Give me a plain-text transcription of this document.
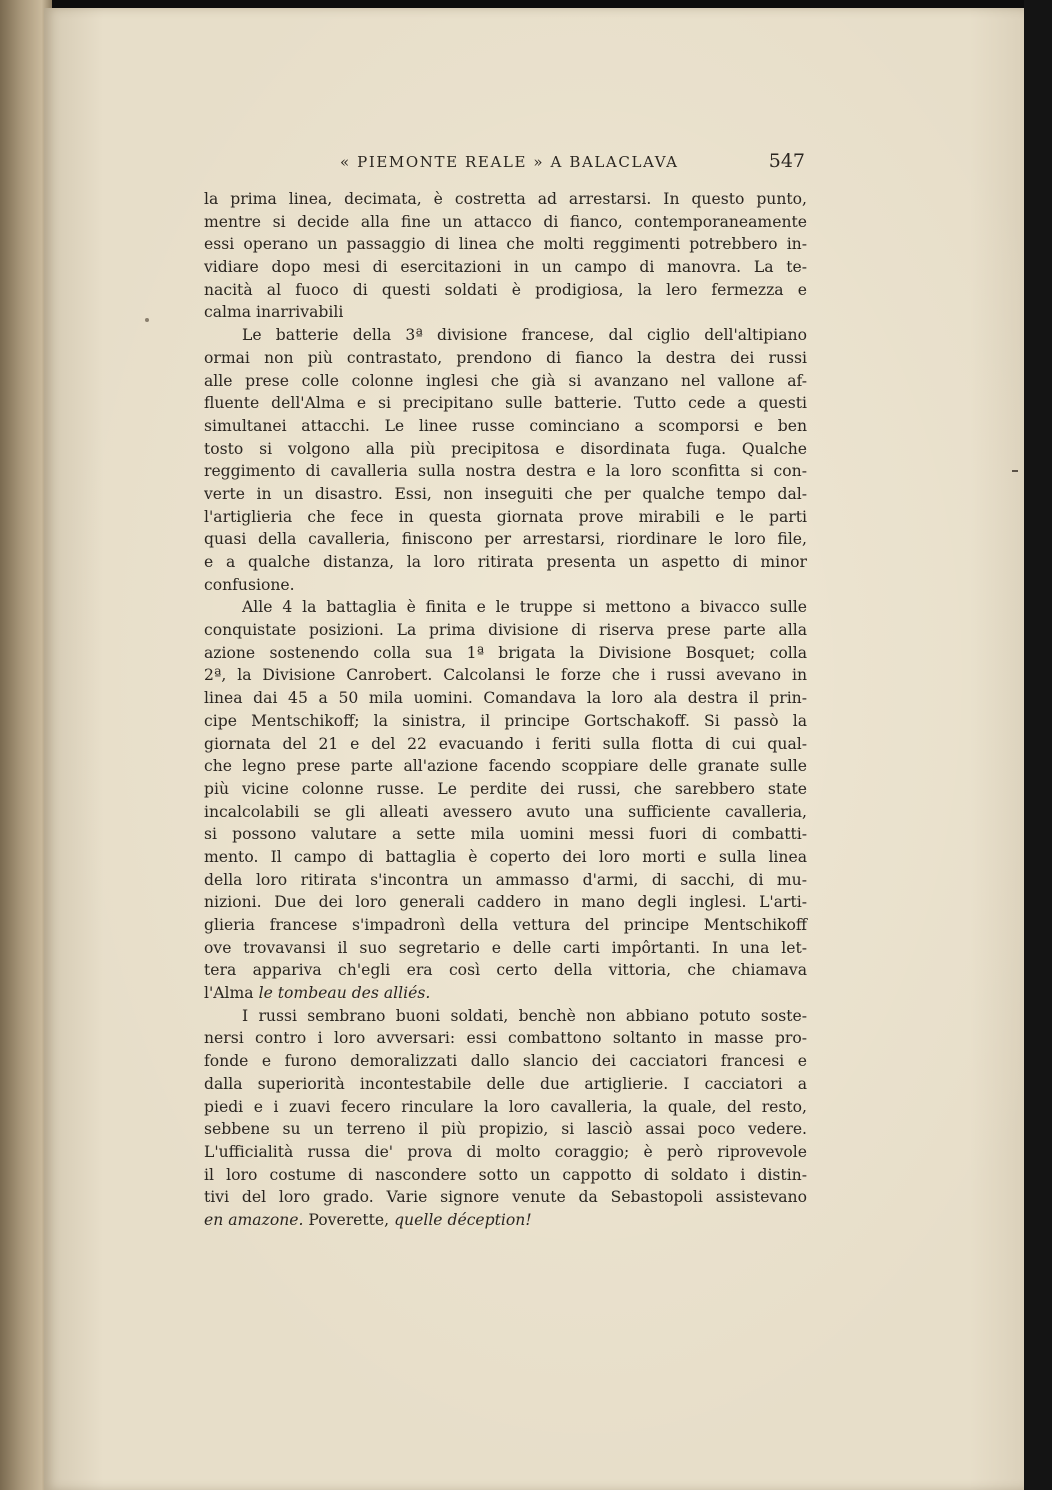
« PIEMONTE REALE » A BALACLAVA	547
la prima linea, decimata, è costretta ad arrestarsi. In questo punto,
mentre si decide alla fine un attacco di fianco, contemporaneamente
essi operano un passaggio di linea che molti reggimenti potrebbero in-
vidiare dopo mesi di esercitazioni in un campo di manovra. La te-
nacità al fuoco di questi soldati è prodigiosa, la lero fermezza e
calma inarrivabili
Le batterie della 3ª divisione francese, dal ciglio dell'altipiano
ormai non più contrastato, prendono di fianco la destra dei russi
alle prese colle colonne inglesi che già si avanzano nel vallone af-
fluente dell'Alma e si precipitano sulle batterie. Tutto cede a questi
simultanei attacchi. Le linee russe cominciano a scomporsi e ben
tosto si volgono alla più precipitosa e disordinata fuga. Qualche
reggimento di cavalleria sulla nostra destra e la loro sconfitta si con-
verte in un disastro. Essi, non inseguiti che per qualche tempo dal-
l'artiglieria che fece in questa giornata prove mirabili e le parti
quasi della cavalleria, finiscono per arrestarsi, riordinare le loro file,
e a qualche distanza, la loro ritirata presenta un aspetto di minor
confusione.
Alle 4 la battaglia è finita e le truppe si mettono a bivacco sulle
conquistate posizioni. La prima divisione di riserva prese parte alla
azione sostenendo colla sua 1ª brigata la Divisione Bosquet; colla
2ª, la Divisione Canrobert. Calcolansi le forze che i russi avevano in
linea dai 45 a 50 mila uomini. Comandava la loro ala destra il prin-
cipe Mentschikoff; la sinistra, il principe Gortschakoff. Si passò la
giornata del 21 e del 22 evacuando i feriti sulla flotta di cui qual-
che legno prese parte all'azione facendo scoppiare delle granate sulle
più vicine colonne russe. Le perdite dei russi, che sarebbero state
incalcolabili se gli alleati avessero avuto una sufficiente cavalleria,
si possono valutare a sette mila uomini messi fuori di combatti-
mento. Il campo di battaglia è coperto dei loro morti e sulla linea
della loro ritirata s'incontra un ammasso d'armi, di sacchi, di mu-
nizioni. Due dei loro generali caddero in mano degli inglesi. L'arti-
glieria francese s'impadronì della vettura del principe Mentschikoff
ove trovavansi il suo segretario e delle carti impôrtanti. In una let-
tera appariva ch'egli era così certo della vittoria, che chiamava
l'Alma le tombeau des alliés.
I russi sembrano buoni soldati, benchè non abbiano potuto soste-
nersi contro i loro avversari: essi combattono soltanto in masse pro-
fonde e furono demoralizzati dallo slancio dei cacciatori francesi e
dalla superiorità incontestabile delle due artiglierie. I cacciatori a
piedi e i zuavi fecero rinculare la loro cavalleria, la quale, del resto,
sebbene su un terreno il più propizio, si lasciò assai poco vedere.
L'ufficialità russa die' prova di molto coraggio; è però riprovevole
il loro costume di nascondere sotto un cappotto di soldato i distin-
tivi del loro grado. Varie signore venute da Sebastopoli assistevano
en amazone. Poverette, quelle déception!
